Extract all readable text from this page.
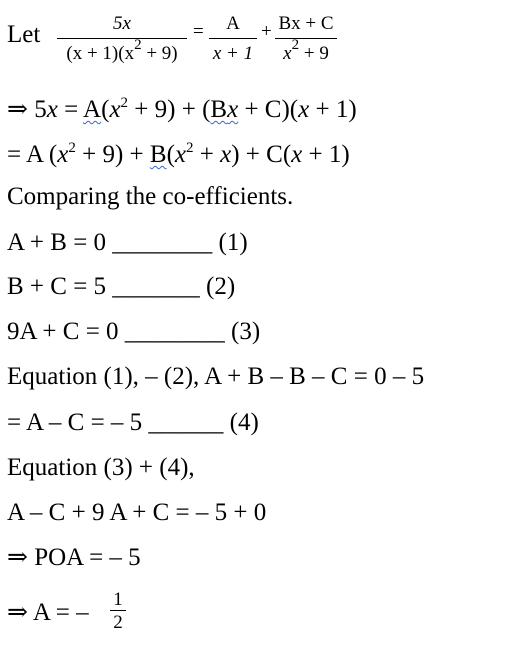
Let	5x
$(x + 1)(x^2 + 9)$
=	A
x + 1
+ Bx + C
$x^2 + 9$
⇒ $5x = A(x^2 + 9) + (Bx + C)(x + 1)$
= A $(x^2 + 9) + B(x^2 + x) + C(x + 1)$
Comparing the co-efficients.
A + B = 0 ________ (1)
B + C = 5 _______ (2)
9A + C = 0 ________ (3)
Equation (1), – (2), A + B – B – C = 0 – 5
= A – C = – 5 ______ (4)
Equation (3) + (4),
A – C + 9 A + C = – 5 + 0
⇒ POA = – 5
⇒ A = – 1
2
